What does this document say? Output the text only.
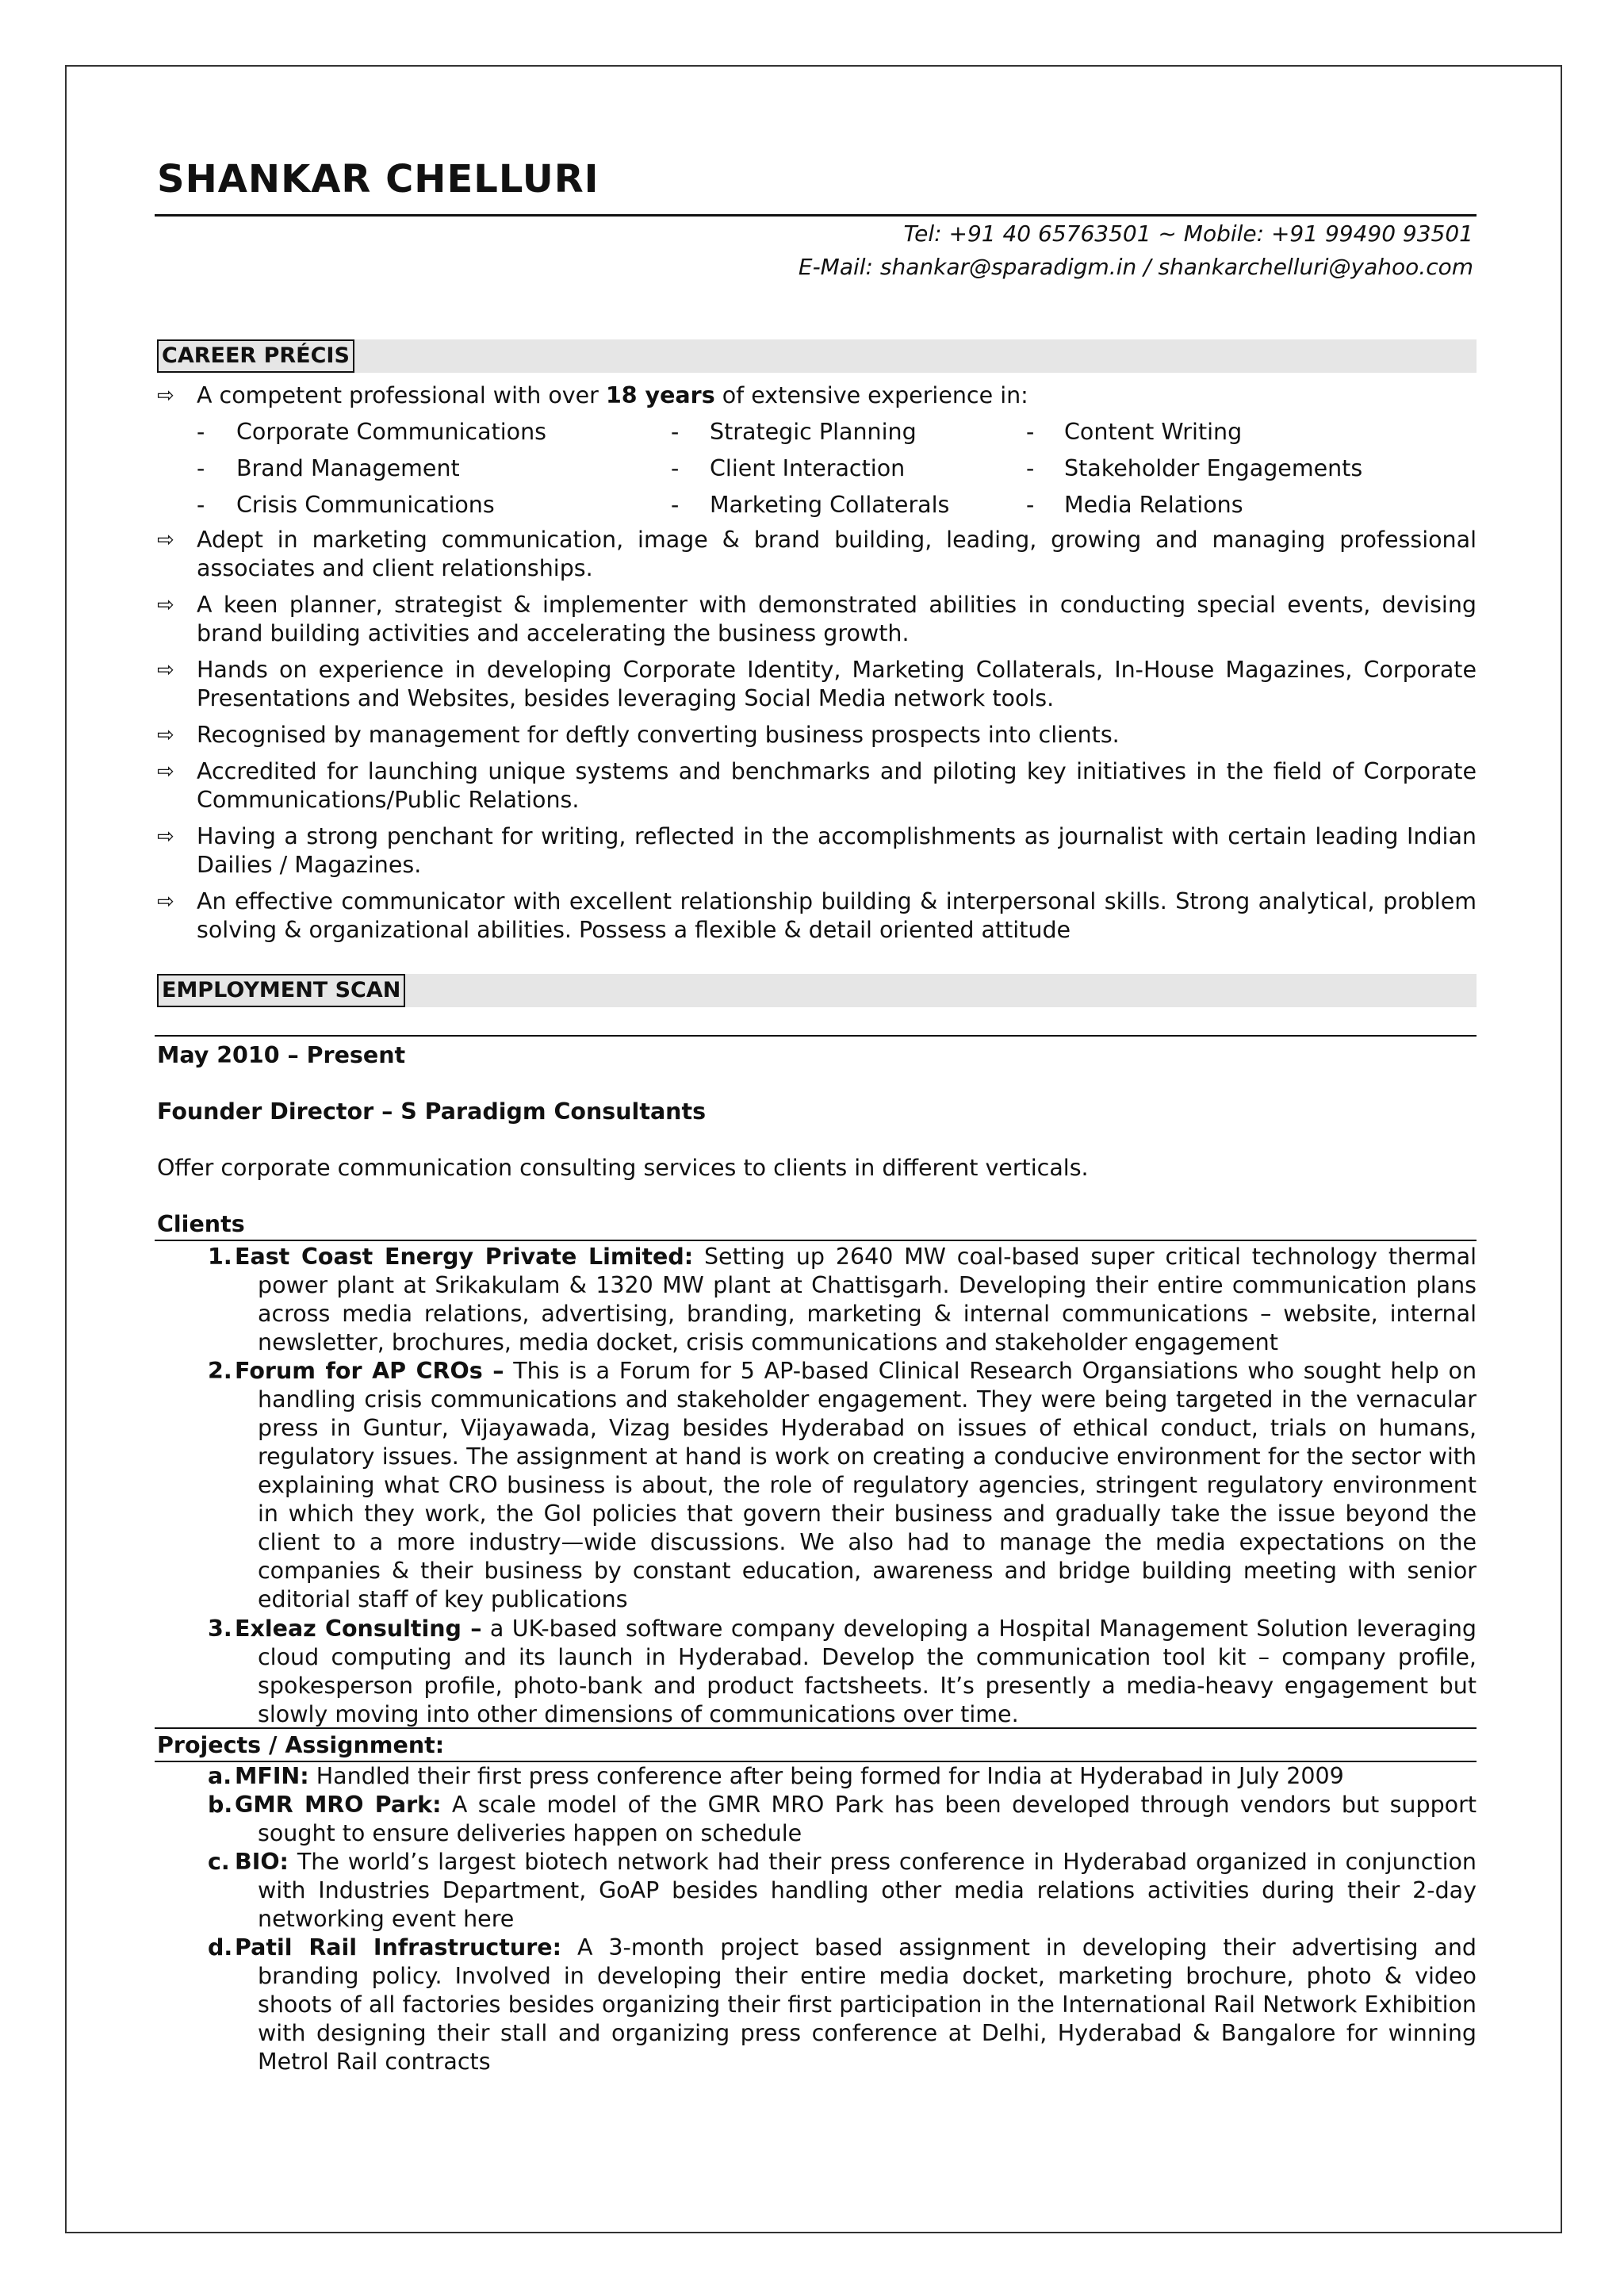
SHANKAR CHELLURI
Tel: +91 40 65763501 ~ Mobile: +91 99490 93501
E-Mail: shankar@sparadigm.in / shankarchelluri@yahoo.com
CAREER PRÉCIS
⇨ A competent professional with over 18 years of extensive experience in:
- Corporate Communications	- Strategic Planning	- Content Writing
- Brand Management	- Client Interaction	- Stakeholder Engagements
- Crisis Communications	- Marketing Collaterals	- Media Relations
⇨ Adept in marketing communication, image & brand building, leading, growing and managing professional associates and client relationships.
⇨ A keen planner, strategist & implementer with demonstrated abilities in conducting special events, devising brand building activities and accelerating the business growth.
⇨ Hands on experience in developing Corporate Identity, Marketing Collaterals, In-House Magazines, Corporate Presentations and Websites, besides leveraging Social Media network tools.
⇨ Recognised by management for deftly converting business prospects into clients.
⇨ Accredited for launching unique systems and benchmarks and piloting key initiatives in the field of Corporate Communications/Public Relations.
⇨ Having a strong penchant for writing, reflected in the accomplishments as journalist with certain leading Indian Dailies / Magazines.
⇨ An effective communicator with excellent relationship building & interpersonal skills. Strong analytical, problem solving & organizational abilities. Possess a flexible & detail oriented attitude
EMPLOYMENT SCAN
May 2010 – Present
Founder Director – S Paradigm Consultants
Offer corporate communication consulting services to clients in different verticals.
Clients
1. East Coast Energy Private Limited: Setting up 2640 MW coal-based super critical technology thermal power plant at Srikakulam & 1320 MW plant at Chattisgarh. Developing their entire communication plans across media relations, advertising, branding, marketing & internal communications – website, internal newsletter, brochures, media docket, crisis communications and stakeholder engagement
2. Forum for AP CROs – This is a Forum for 5 AP-based Clinical Research Organsiations who sought help on handling crisis communications and stakeholder engagement. They were being targeted in the vernacular press in Guntur, Vijayawada, Vizag besides Hyderabad on issues of ethical conduct, trials on humans, regulatory issues. The assignment at hand is work on creating a conducive environment for the sector with explaining what CRO business is about, the role of regulatory agencies, stringent regulatory environment in which they work, the GoI policies that govern their business and gradually take the issue beyond the client to a more industry—wide discussions. We also had to manage the media expectations on the companies & their business by constant education, awareness and bridge building meeting with senior editorial staff of key publications
3. Exleaz Consulting – a UK-based software company developing a Hospital Management Solution leveraging cloud computing and its launch in Hyderabad. Develop the communication tool kit – company profile, spokesperson profile, photo-bank and product factsheets. It’s presently a media-heavy engagement but slowly moving into other dimensions of communications over time.
Projects / Assignment:
a. MFIN: Handled their first press conference after being formed for India at Hyderabad in July 2009
b. GMR MRO Park: A scale model of the GMR MRO Park has been developed through vendors but support sought to ensure deliveries happen on schedule
c. BIO: The world’s largest biotech network had their press conference in Hyderabad organized in conjunction with Industries Department, GoAP besides handling other media relations activities during their 2-day networking event here
d. Patil Rail Infrastructure: A 3-month project based assignment in developing their advertising and branding policy. Involved in developing their entire media docket, marketing brochure, photo & video shoots of all factories besides organizing their first participation in the International Rail Network Exhibition with designing their stall and organizing press conference at Delhi, Hyderabad & Bangalore for winning Metrol Rail contracts
